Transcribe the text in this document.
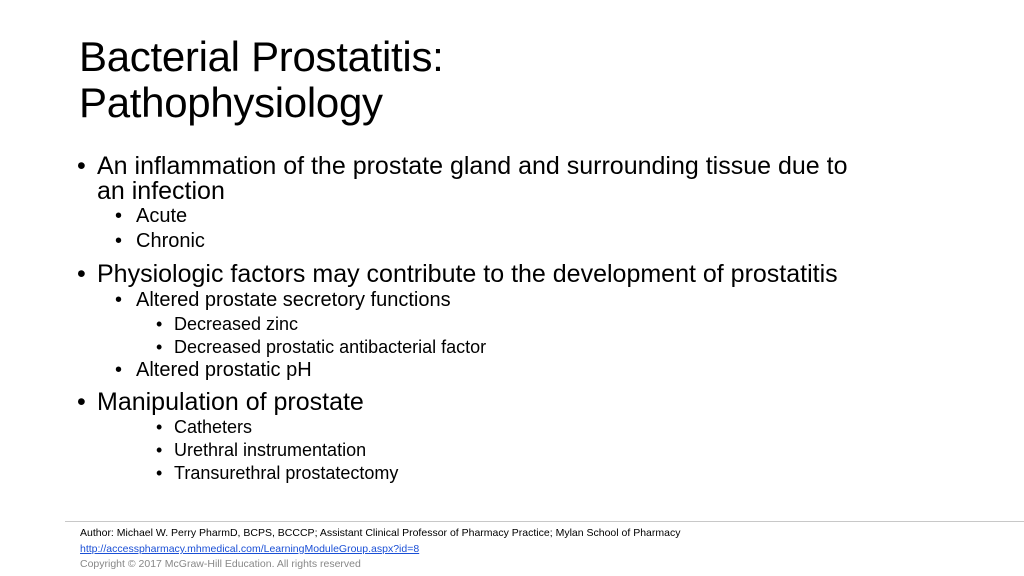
Bacterial Prostatitis:
Pathophysiology
• An inflammation of the prostate gland and surrounding tissue due to
an infection
• Acute
• Chronic
• Physiologic factors may contribute to the development of prostatitis
• Altered prostate secretory functions
• Decreased zinc
• Decreased prostatic antibacterial factor
• Altered prostatic pH
• Manipulation of prostate
• Catheters
• Urethral instrumentation
• Transurethral prostatectomy
Author: Michael W. Perry PharmD, BCPS, BCCCP; Assistant Clinical Professor of Pharmacy Practice; Mylan School of Pharmacy
http://accesspharmacy.mhmedical.com/LearningModuleGroup.aspx?id=8
Copyright © 2017 McGraw-Hill Education. All rights reserved
